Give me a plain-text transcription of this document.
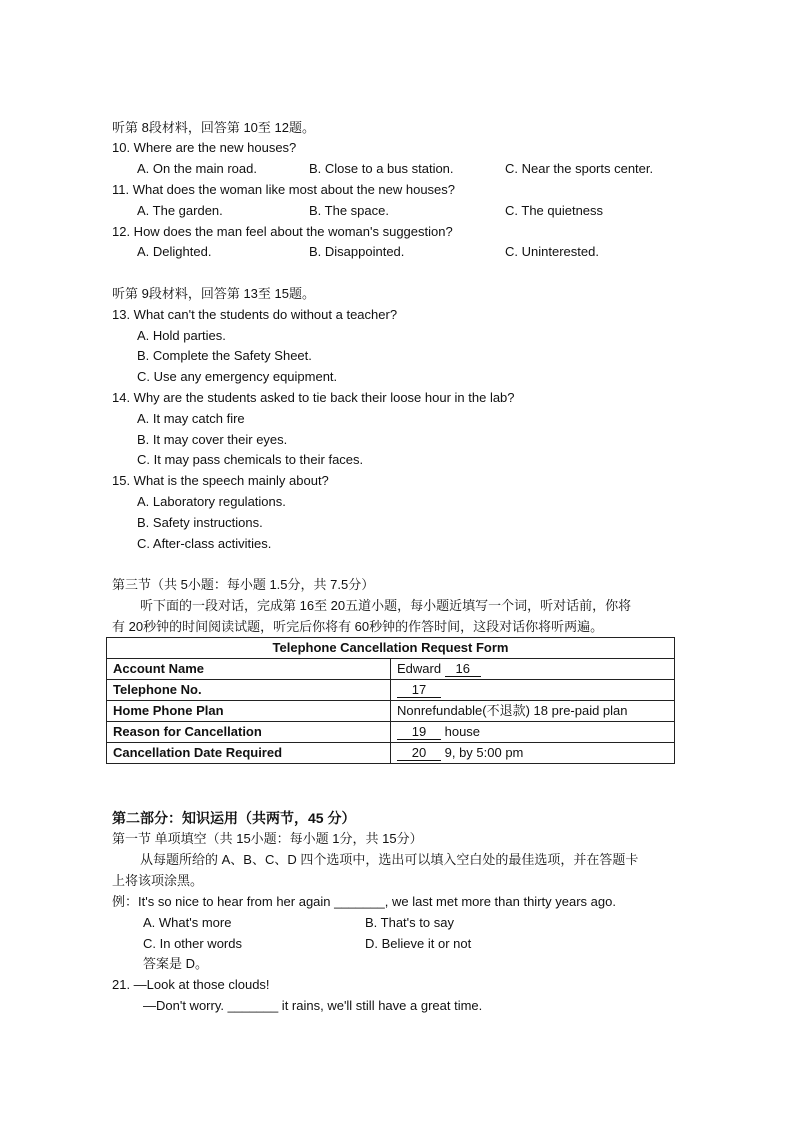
听第 8段材料，回答第 10至 12题。
10. Where are the new houses?
A. On the main road.	B. Close to a bus station.	C. Near the sports center.
11. What does the woman like most about the new houses?
A. The garden.	B. The space.	C. The quietness
12. How does the man feel about the woman's suggestion?
A. Delighted.	B. Disappointed.	C. Uninterested.
听第 9段材料，回答第 13至 15题。
13. What can't the students do without a teacher?
A. Hold parties.
B. Complete the Safety Sheet.
C. Use any emergency equipment.
14. Why are the students asked to tie back their loose hour in the lab?
A. It may catch fire
B. It may cover their eyes.
C. It may pass chemicals to their faces.
15. What is the speech mainly about?
A. Laboratory regulations.
B. Safety instructions.
C. After-class activities.
第三节（共 5小题：每小题 1.5分，共 7.5分）
听下面的一段对话，完成第 16至 20五道小题，每小题近填写一个词，听对话前，你将
有 20秒钟的时间阅读试题，听完后你将有 60秒钟的作答时间，这段对话你将听两遍。
Telephone Cancellation Request Form	
Account Name	Edward 16
Telephone No.	17
Home Phone Plan	Nonrefundable(不退款) 18 pre-paid plan
Reason for Cancellation	19 house
Cancellation Date Required	20 9, by 5:00 pm
第二部分：知识运用（共两节，45 分）
第一节 单项填空（共 15小题：每小题 1分，共 15分）
从每题所给的 A、B、C、D 四个选项中，选出可以填入空白处的最佳选项，并在答题卡
上将该项涂黑。
例：It's so nice to hear from her again _______, we last met more than thirty years ago.
A. What's more	B. That's to say
C. In other words	D. Believe it or not
答案是 D。
21. —Look at those clouds!
—Don't worry. _______ it rains, we'll still have a great time.
